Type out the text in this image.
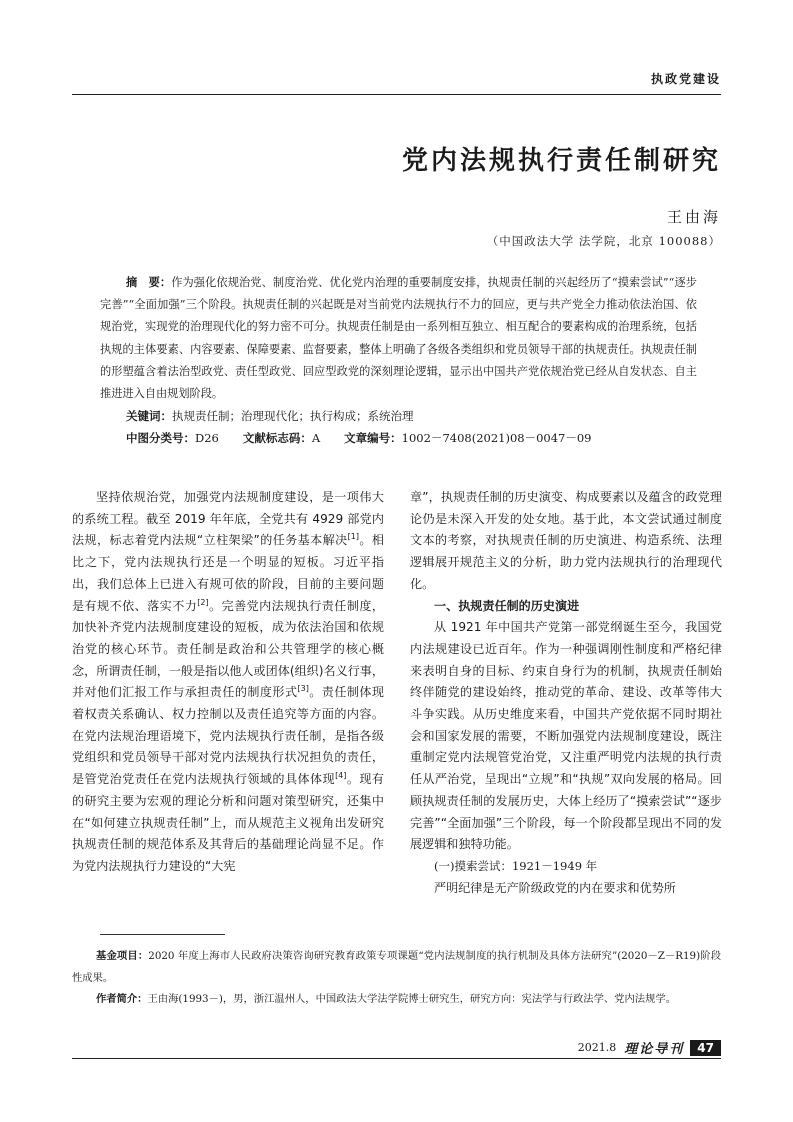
执政党建设
党内法规执行责任制研究
王由海
（中国政法大学 法学院，北京 100088）
摘　要：作为强化依规治党、制度治党、优化党内治理的重要制度安排，执规责任制的兴起经历了“摸索尝试”“逐步完善”“全面加强”三个阶段。执规责任制的兴起既是对当前党内法规执行不力的回应，更与共产党全力推动依法治国、依规治党，实现党的治理现代化的努力密不可分。执规责任制是由一系列相互独立、相互配合的要素构成的治理系统，包括执规的主体要素、内容要素、保障要素、监督要素，整体上明确了各级各类组织和党员领导干部的执规责任。执规责任制的形塑蕴含着法治型政党、责任型政党、回应型政党的深刻理论逻辑，显示出中国共产党依规治党已经从自发状态、自主推进进入自由规划阶段。
关键词：执规责任制；治理现代化；执行构成；系统治理
中图分类号：D26 文献标志码：A 文章编号：1002－7408(2021)08－0047－09

坚持依规治党，加强党内法规制度建设，是一项伟大的系统工程。截至 2019 年年底，全党共有 4929 部党内法规，标志着党内法规“立柱架梁”的任务基本解决[1]。相比之下，党内法规执行还是一个明显的短板。习近平指出，我们总体上已进入有规可依的阶段，目前的主要问题是有规不依、落实不力[2]。完善党内法规执行责任制度，加快补齐党内法规制度建设的短板，成为依法治国和依规治党的核心环节。责任制是政治和公共管理学的核心概念，所谓责任制，一般是指以他人或团体(组织)名义行事，并对他们汇报工作与承担责任的制度形式[3]。责任制体现着权责关系确认、权力控制以及责任追究等方面的内容。在党内法规治理语境下，党内法规执行责任制，是指各级党组织和党员领导干部对党内法规执行状况担负的责任，是管党治党责任在党内法规执行领域的具体体现[4]。现有的研究主要为宏观的理论分析和问题对策型研究，还集中在“如何建立执规责任制”上，而从规范主义视角出发研究执规责任制的规范体系及其背后的基础理论尚显不足。作为党内法规执行力建设的“大宪

章”，执规责任制的历史演变、构成要素以及蕴含的政党理论仍是未深入开发的处女地。基于此，本文尝试通过制度文本的考察，对执规责任制的历史演进、构造系统、法理逻辑展开规范主义的分析，助力党内法规执行的治理现代化。

一、执规责任制的历史演进

从 1921 年中国共产党第一部党纲诞生至今，我国党内法规建设已近百年。作为一种强调刚性制度和严格纪律来表明自身的目标、约束自身行为的机制，执规责任制始终伴随党的建设始终，推动党的革命、建设、改革等伟大斗争实践。从历史维度来看，中国共产党依据不同时期社会和国家发展的需要，不断加强党内法规制度建设，既注重制定党内法规管党治党，又注重严明党内法规的执行责任从严治党，呈现出“立规”和“执规”双向发展的格局。回顾执规责任制的发展历史，大体上经历了“摸索尝试”“逐步完善”“全面加强”三个阶段，每一个阶段都呈现出不同的发展逻辑和独特功能。

(一)摸索尝试：1921－1949 年

严明纪律是无产阶级政党的内在要求和优势所

基金项目：2020 年度上海市人民政府决策咨询研究教育政策专项课题“党内法规制度的执行机制及具体方法研究”(2020－Z－R19)阶段性成果。

作者简介：王由海(1993－)，男，浙江温州人，中国政法大学法学院博士研究生，研究方向：宪法学与行政法学、党内法规学。

2021.8 理论导刊	47
